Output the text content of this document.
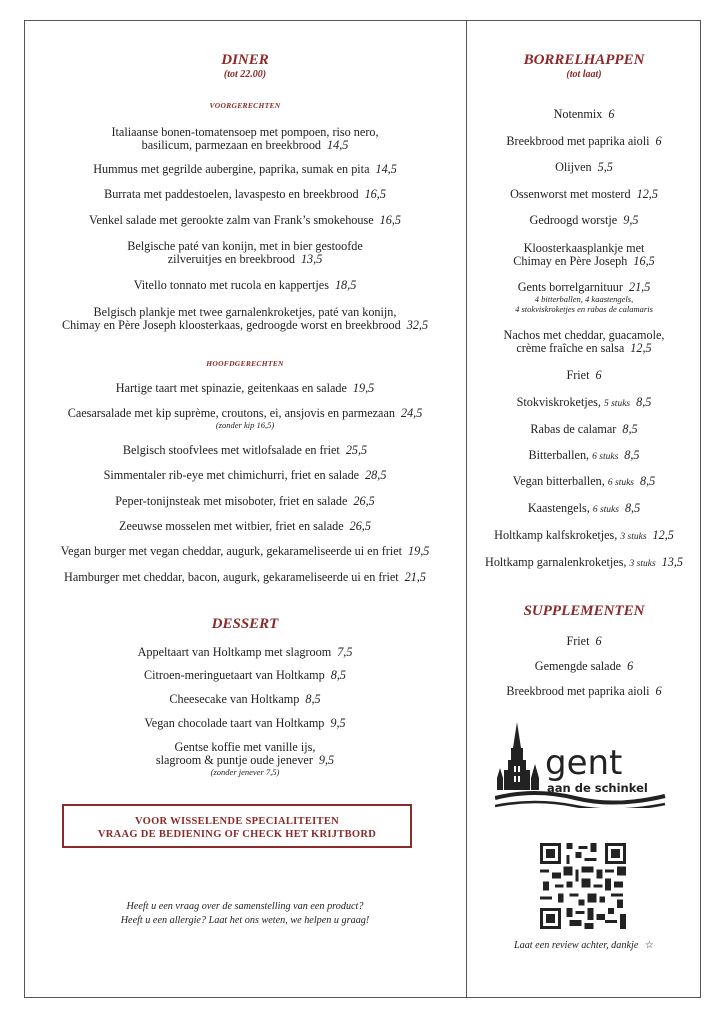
DINER
(tot 22.00)
VOORGERECHTEN
Italiaanse bonen-tomatensoep met pompoen, riso nero,
basilicum, parmezaan en breekbrood 14,5
Hummus met gegrilde aubergine, paprika, sumak en pita 14,5
Burrata met paddestoelen, lavaspesto en breekbrood 16,5
Venkel salade met gerookte zalm van Frank’s smokehouse 16,5
Belgische paté van konijn, met in bier gestoofde
zilveruitjes en breekbrood 13,5
Vitello tonnato met rucola en kappertjes 18,5
Belgisch plankje met twee garnalenkroketjes, paté van konijn,
Chimay en Père Joseph kloosterkaas, gedroogde worst en breekbrood 32,5
HOOFDGERECHTEN
Hartige taart met spinazie, geitenkaas en salade 19,5
Caesarsalade met kip suprème, croutons, ei, ansjovis en parmezaan 24,5
(zonder kip 16,5)
Belgisch stoofvlees met witlofsalade en friet 25,5
Simmentaler rib-eye met chimichurri, friet en salade 28,5
Peper-tonijnsteak met misoboter, friet en salade 26,5
Zeeuwse mosselen met witbier, friet en salade 26,5
Vegan burger met vegan cheddar, augurk, gekarameliseerde ui en friet 19,5
Hamburger met cheddar, bacon, augurk, gekarameliseerde ui en friet 21,5
DESSERT
Appeltaart van Holtkamp met slagroom 7,5
Citroen-meringuetaart van Holtkamp 8,5
Cheesecake van Holtkamp 8,5
Vegan chocolade taart van Holtkamp 9,5
Gentse koffie met vanille ijs,
slagroom & puntje oude jenever 9,5
(zonder jenever 7,5)
VOOR WISSELENDE SPECIALITEITEN
VRAAG DE BEDIENING OF CHECK HET KRIJTBORD
Heeft u een vraag over de samenstelling van een product?
Heeft u een allergie? Laat het ons weten, we helpen u graag!
BORRELHAPPEN
(tot laat)
Notenmix 6
Breekbrood met paprika aioli 6
Olijven 5,5
Ossenworst met mosterd 12,5
Gedroogd worstje 9,5
Kloosterkaasplankje met
Chimay en Père Joseph 16,5
Gents borrelgarnituur 21,5
4 bitterballen, 4 kaastengels,
4 stokviskroketjes en rabas de calamaris
Nachos met cheddar, guacamole,
crème fraîche en salsa 12,5
Friet 6
Stokviskroketjes, 5 stuks 8,5
Rabas de calamar 8,5
Bitterballen, 6 stuks 8,5
Vegan bitterballen, 6 stuks 8,5
Kaastengels, 6 stuks 8,5
Holtkamp kalfskroketjes, 3 stuks 12,5
Holtkamp garnalenkroketjes, 3 stuks 13,5
SUPPLEMENTEN
Friet 6
Gemengde salade 6
Breekbrood met paprika aioli 6
gent
aan de schinkel
Laat een review achter, dankje ☆
